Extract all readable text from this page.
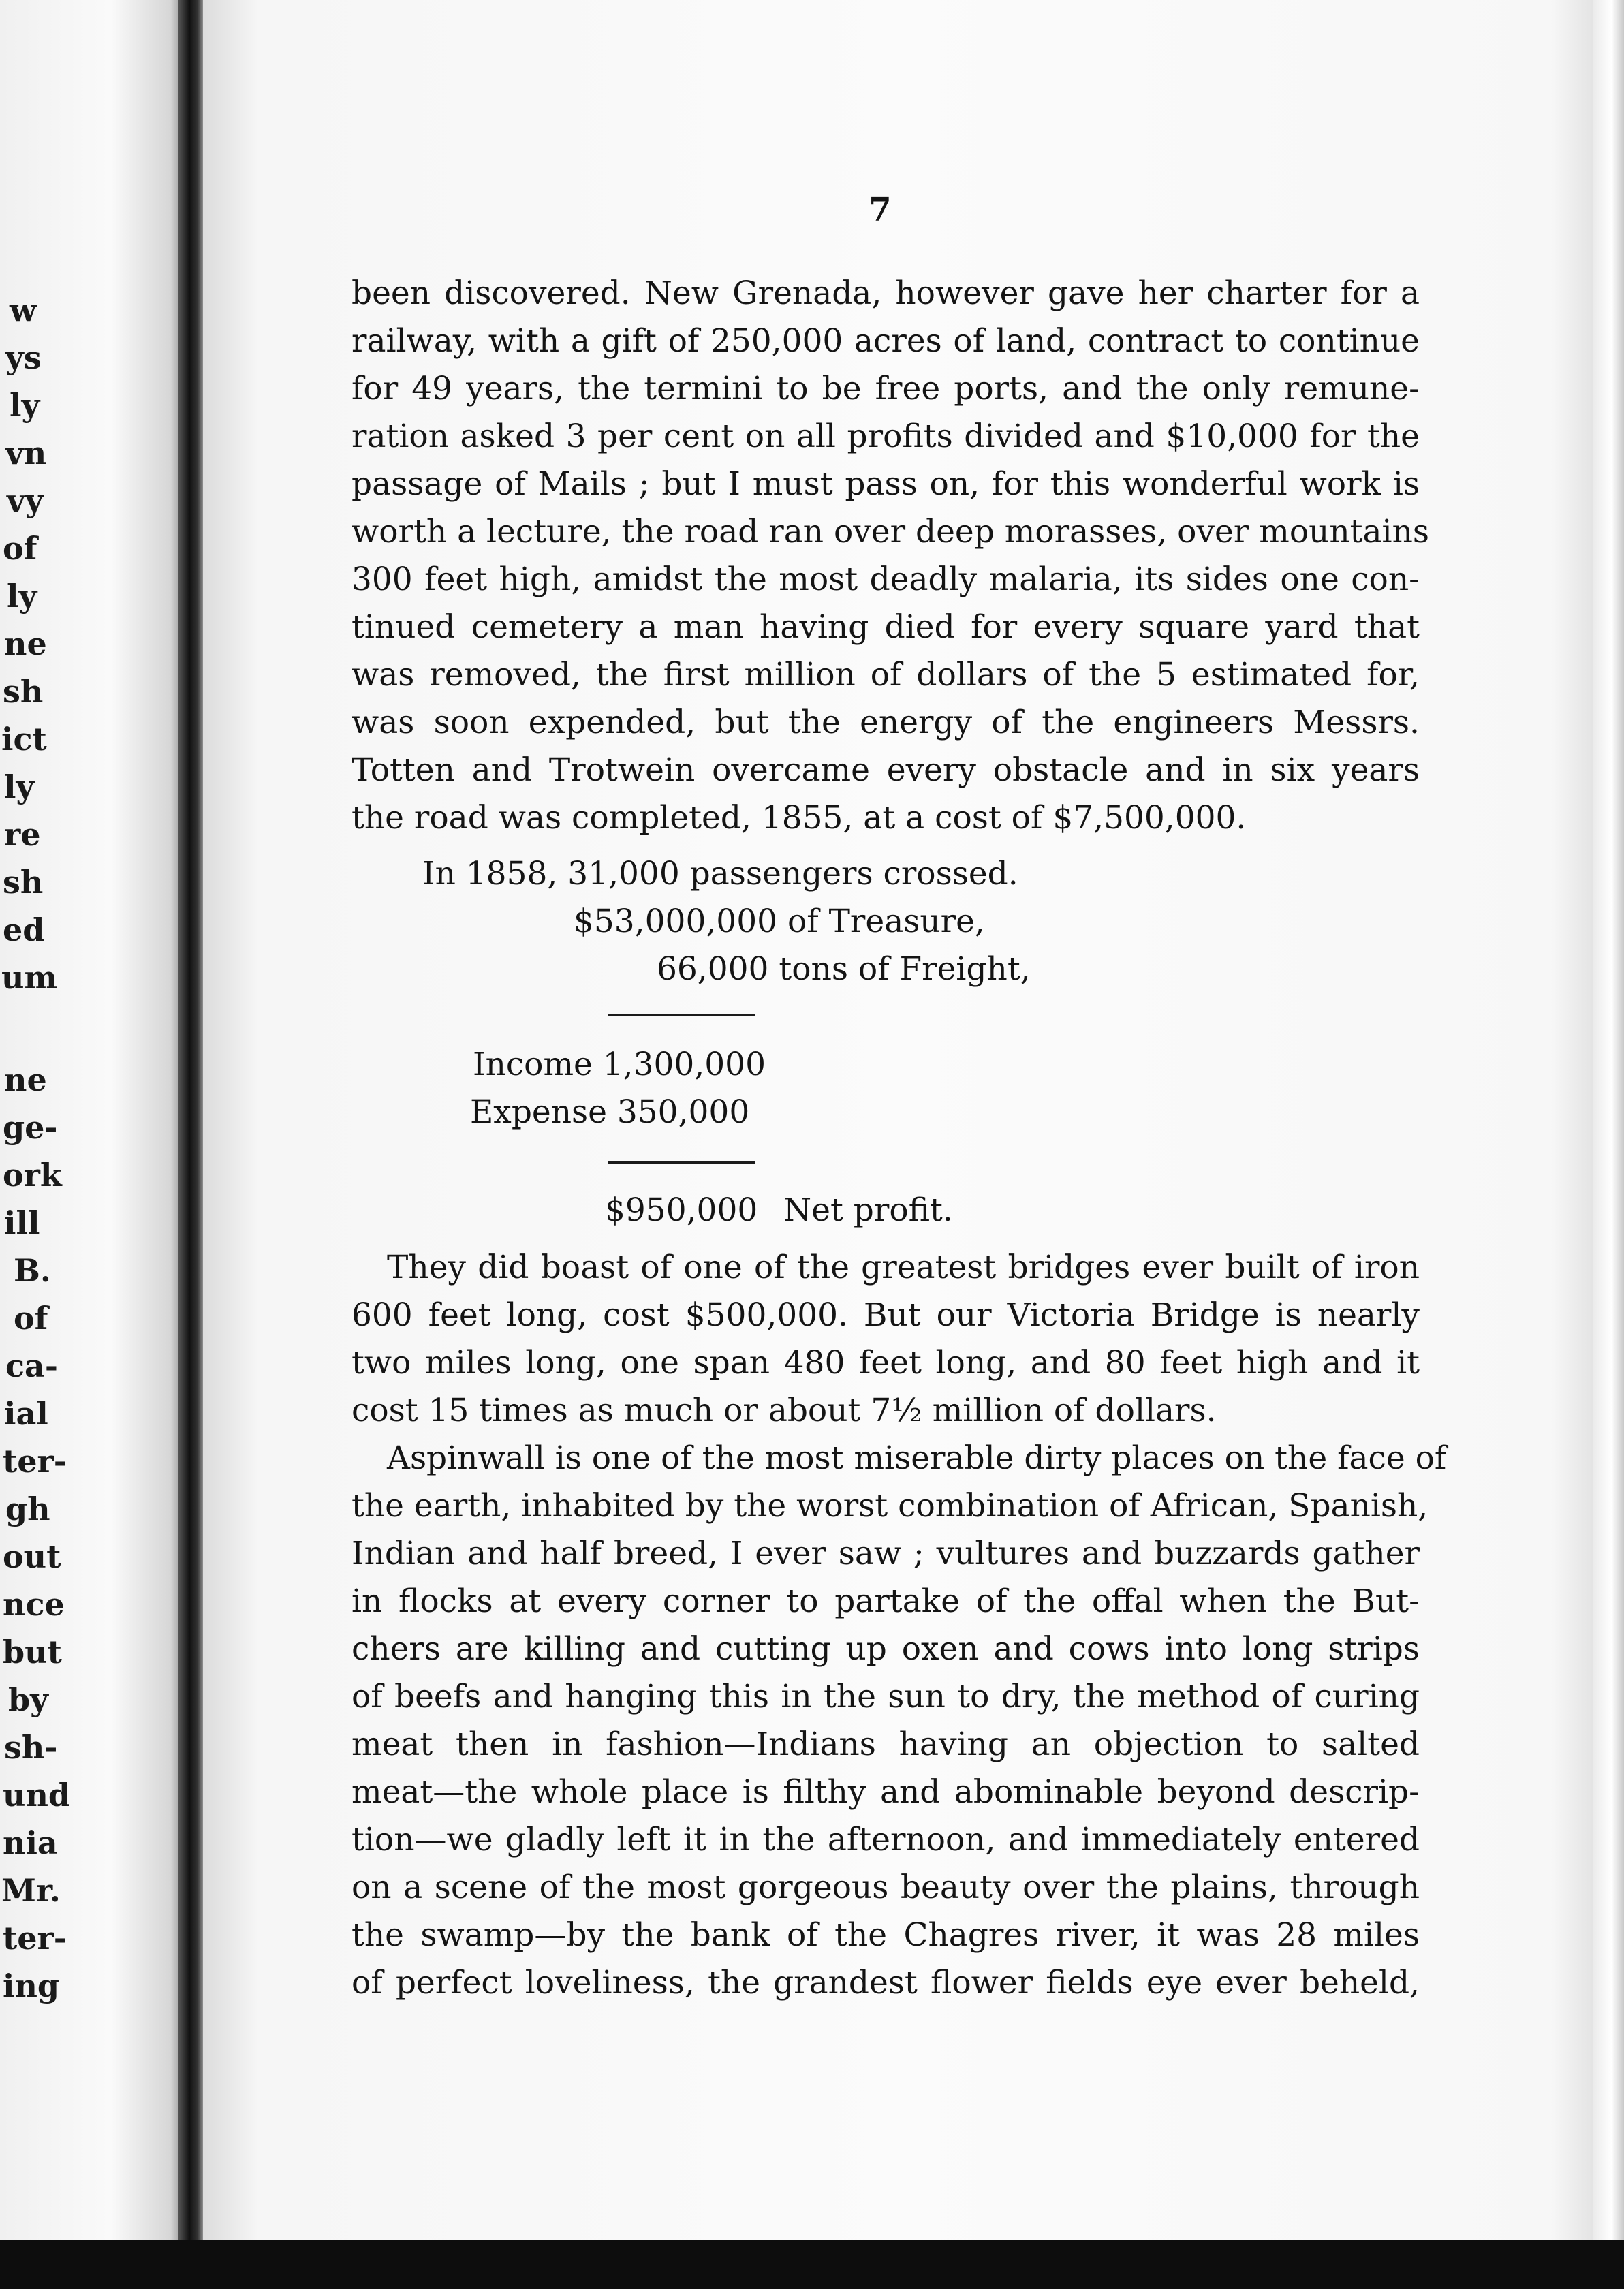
w
ys
ly
vn
vy
of
ly
ne
sh
ict
ly
re
sh
ed
um
ne
ge-
ork
ill
B.
of
ca-
ial
ter-
gh
out
nce
but
by
sh-
und
nia
Mr.
ter-
ing
7
been discovered. New Grenada, however gave her charter for a
railway, with a gift of 250,000 acres of land, contract to continue
for 49 years, the termini to be free ports, and the only remune-
ration asked 3 per cent on all profits divided and $10,000 for the
passage of Mails ; but I must pass on, for this wonderful work is
worth a lecture, the road ran over deep morasses, over mountains
300 feet high, amidst the most deadly malaria, its sides one con-
tinued cemetery a man having died for every square yard that
was removed, the first million of dollars of the 5 estimated for,
was soon expended, but the energy of the engineers Messrs.
Totten and Trotwein overcame every obstacle and in six years
the road was completed, 1855, at a cost of $7,500,000.
In 1858, 31,000 passengers crossed.
$53,000,000 of Treasure,
66,000 tons of Freight,
Income 1,300,000
Expense 350,000
$950,000 Net profit.
They did boast of one of the greatest bridges ever built of iron
600 feet long, cost $500,000. But our Victoria Bridge is nearly
two miles long, one span 480 feet long, and 80 feet high and it
cost 15 times as much or about 7½ million of dollars.
Aspinwall is one of the most miserable dirty places on the face of
the earth, inhabited by the worst combination of African, Spanish,
Indian and half breed, I ever saw ; vultures and buzzards gather
in flocks at every corner to partake of the offal when the But-
chers are killing and cutting up oxen and cows into long strips
of beefs and hanging this in the sun to dry, the method of curing
meat then in fashion—Indians having an objection to salted
meat—the whole place is filthy and abominable beyond descrip-
tion—we gladly left it in the afternoon, and immediately entered
on a scene of the most gorgeous beauty over the plains, through
the swamp—by the bank of the Chagres river, it was 28 miles
of perfect loveliness, the grandest flower fields eye ever beheld,
